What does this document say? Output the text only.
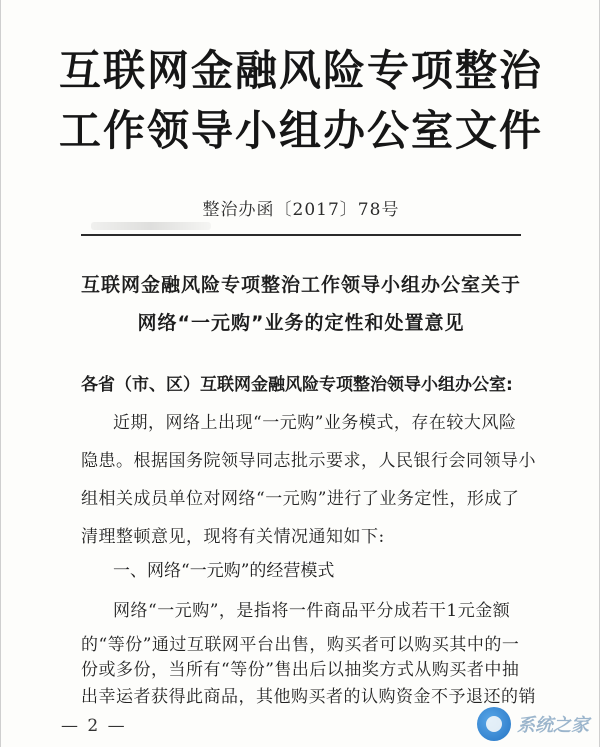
互联网金融风险专项整治
工作领导小组办公室文件
整治办函〔2017〕78号
互联网金融风险专项整治工作领导小组办公室关于
网络“一元购”业务的定性和处置意见
各省（市、区）互联网金融风险专项整治领导小组办公室:
近期，网络上出现“一元购”业务模式，存在较大风险
隐患。根据国务院领导同志批示要求，人民银行会同领导小
组相关成员单位对网络“一元购”进行了业务定性，形成了
清理整顿意见，现将有关情况通知如下:
一、网络“一元购”的经营模式
网络“一元购”，是指将一件商品平分成若干1元金额
的“等份”通过互联网平台出售，购买者可以购买其中的一
份或多份，当所有“等份”售出后以抽奖方式从购买者中抽
出幸运者获得此商品，其他购买者的认购资金不予退还的销
— 2 —	系统之家
